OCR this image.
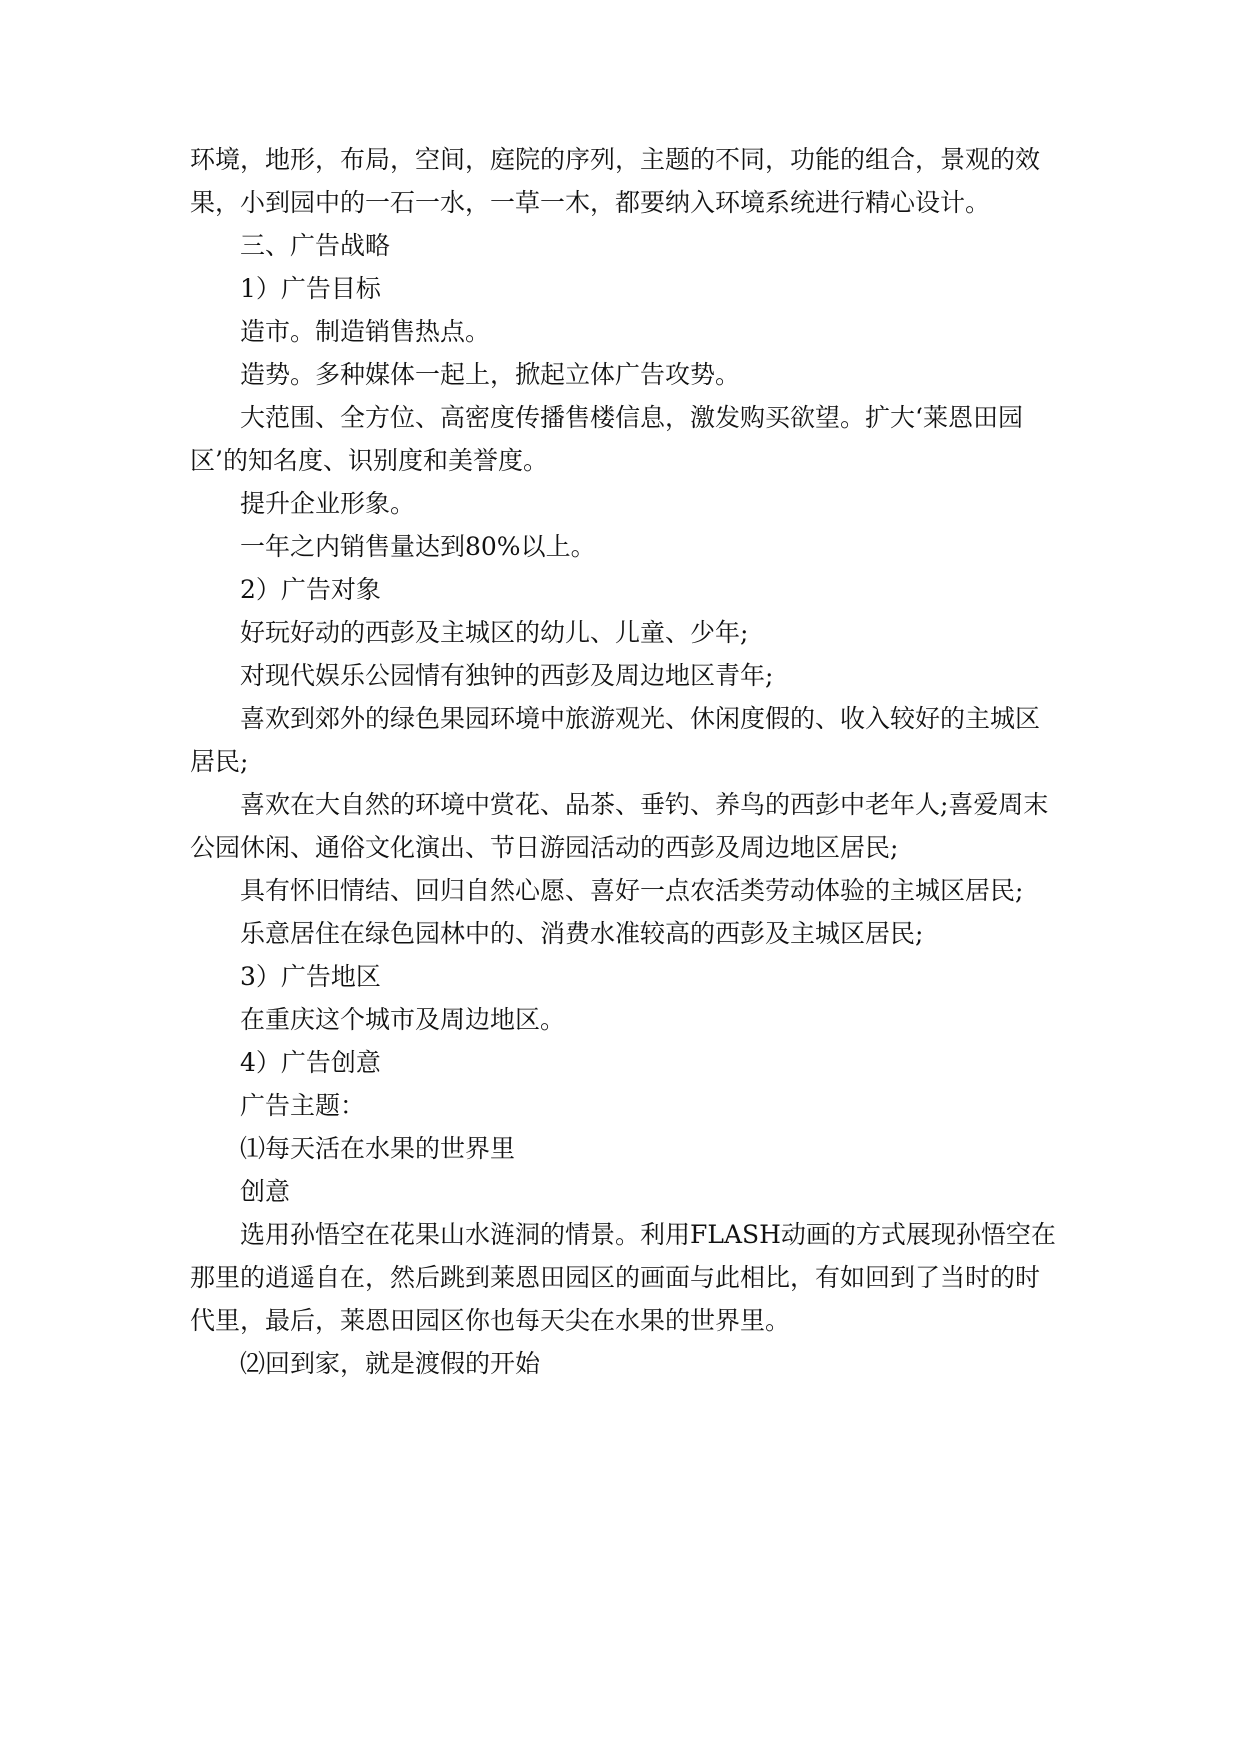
环境，地形，布局，空间，庭院的序列，主题的不同，功能的组合，景观的效
果，小到园中的一石一水，一草一木，都要纳入环境系统进行精心设计。
三、广告战略
1）广告目标
造市。制造销售热点。
造势。多种媒体一起上，掀起立体广告攻势。
大范围、全方位、高密度传播售楼信息，激发购买欲望。扩大‘莱恩田园
区’的知名度、识别度和美誉度。
提升企业形象。
一年之内销售量达到80%以上。
2）广告对象
好玩好动的西彭及主城区的幼儿、儿童、少年;
对现代娱乐公园情有独钟的西彭及周边地区青年;
喜欢到郊外的绿色果园环境中旅游观光、休闲度假的、收入较好的主城区
居民;
喜欢在大自然的环境中赏花、品茶、垂钓、养鸟的西彭中老年人;喜爱周末
公园休闲、通俗文化演出、节日游园活动的西彭及周边地区居民;
具有怀旧情结、回归自然心愿、喜好一点农活类劳动体验的主城区居民;
乐意居住在绿色园林中的、消费水准较高的西彭及主城区居民;
3）广告地区
在重庆这个城市及周边地区。
4）广告创意
广告主题：
⑴每天活在水果的世界里
创意
选用孙悟空在花果山水涟洞的情景。利用FLASH动画的方式展现孙悟空在
那里的逍遥自在，然后跳到莱恩田园区的画面与此相比，有如回到了当时的时
代里，最后，莱恩田园区你也每天尖在水果的世界里。
⑵回到家，就是渡假的开始
